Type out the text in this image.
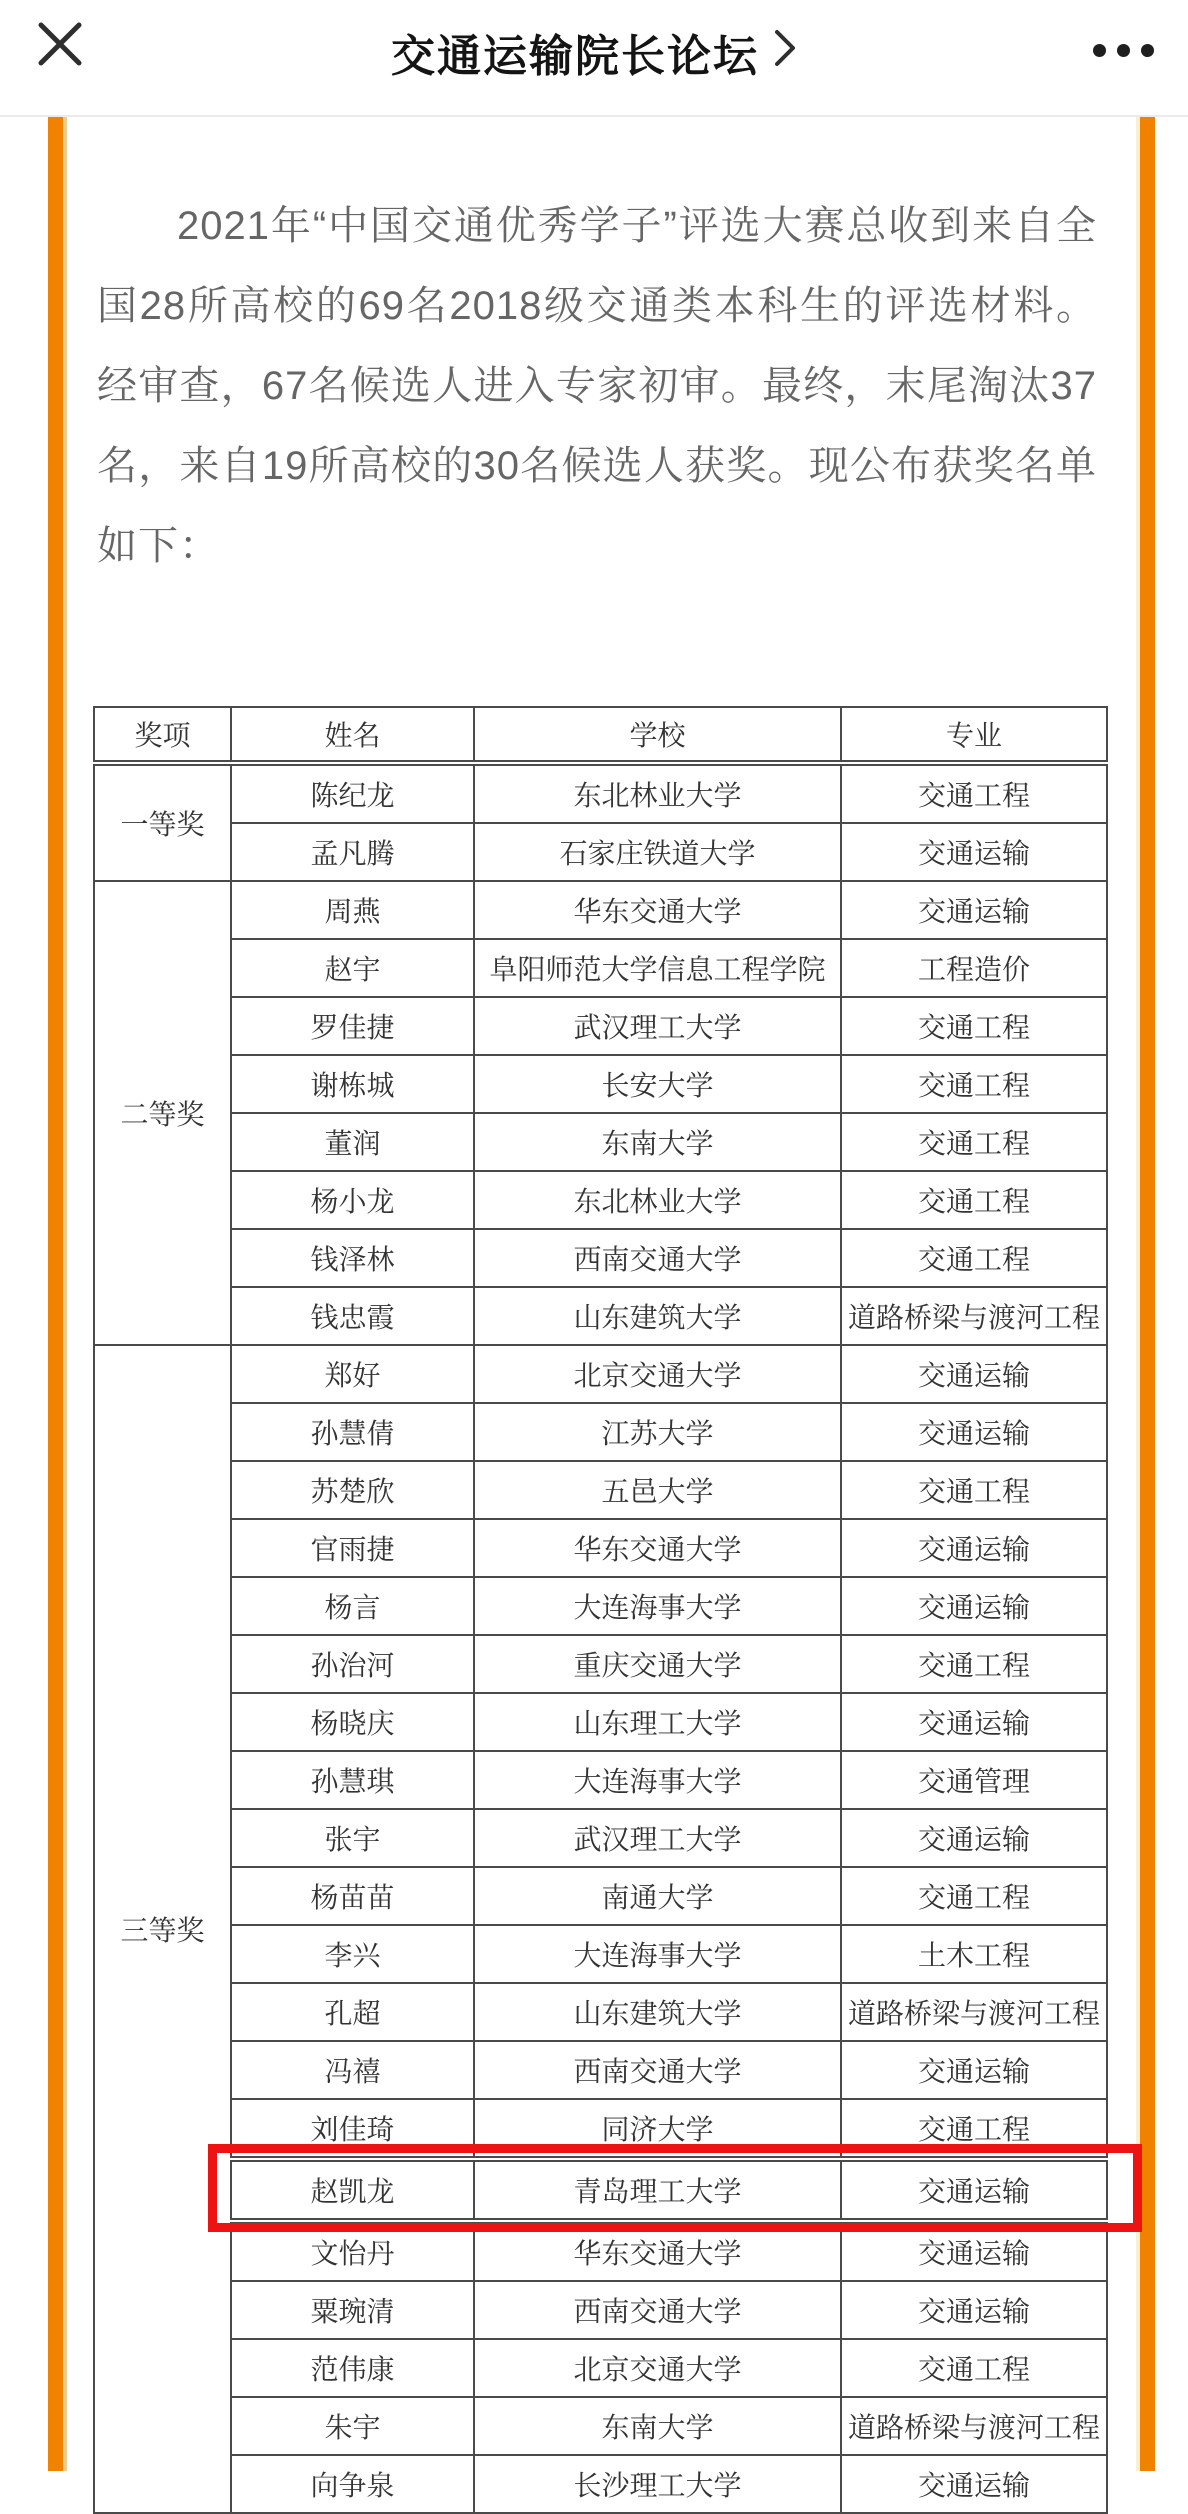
交通运输院长论坛
2021年“中国交通优秀学子”评选大赛总收到来自全国28所高校的69名2018级交通类本科生的评选材料。经审查，67名候选人进入专家初审。最终，末尾淘汰37名，来自19所高校的30名候选人获奖。现公布获奖名单如下：
奖项	姓名	学校	专业
一等奖	陈纪龙	东北林业大学	交通工程
	孟凡腾	石家庄铁道大学	交通运输
二等奖	周燕	华东交通大学	交通运输
	赵宇	阜阳师范大学信息工程学院	工程造价
	罗佳捷	武汉理工大学	交通工程
	谢栋城	长安大学	交通工程
	董润	东南大学	交通工程
	杨小龙	东北林业大学	交通工程
	钱泽林	西南交通大学	交通工程
	钱忠霞	山东建筑大学	道路桥梁与渡河工程
三等奖	郑好	北京交通大学	交通运输
	孙慧倩	江苏大学	交通运输
	苏楚欣	五邑大学	交通工程
	官雨捷	华东交通大学	交通运输
	杨言	大连海事大学	交通运输
	孙治河	重庆交通大学	交通工程
	杨晓庆	山东理工大学	交通运输
	孙慧琪	大连海事大学	交通管理
	张宇	武汉理工大学	交通运输
	杨苗苗	南通大学	交通工程
	李兴	大连海事大学	土木工程
	孔超	山东建筑大学	道路桥梁与渡河工程
	冯禧	西南交通大学	交通运输
	刘佳琦	同济大学	交通工程
	赵凯龙	青岛理工大学	交通运输
	文怡丹	华东交通大学	交通运输
	粟琬清	西南交通大学	交通运输
	范伟康	北京交通大学	交通工程
	朱宇	东南大学	道路桥梁与渡河工程
	向争泉	长沙理工大学	交通运输
